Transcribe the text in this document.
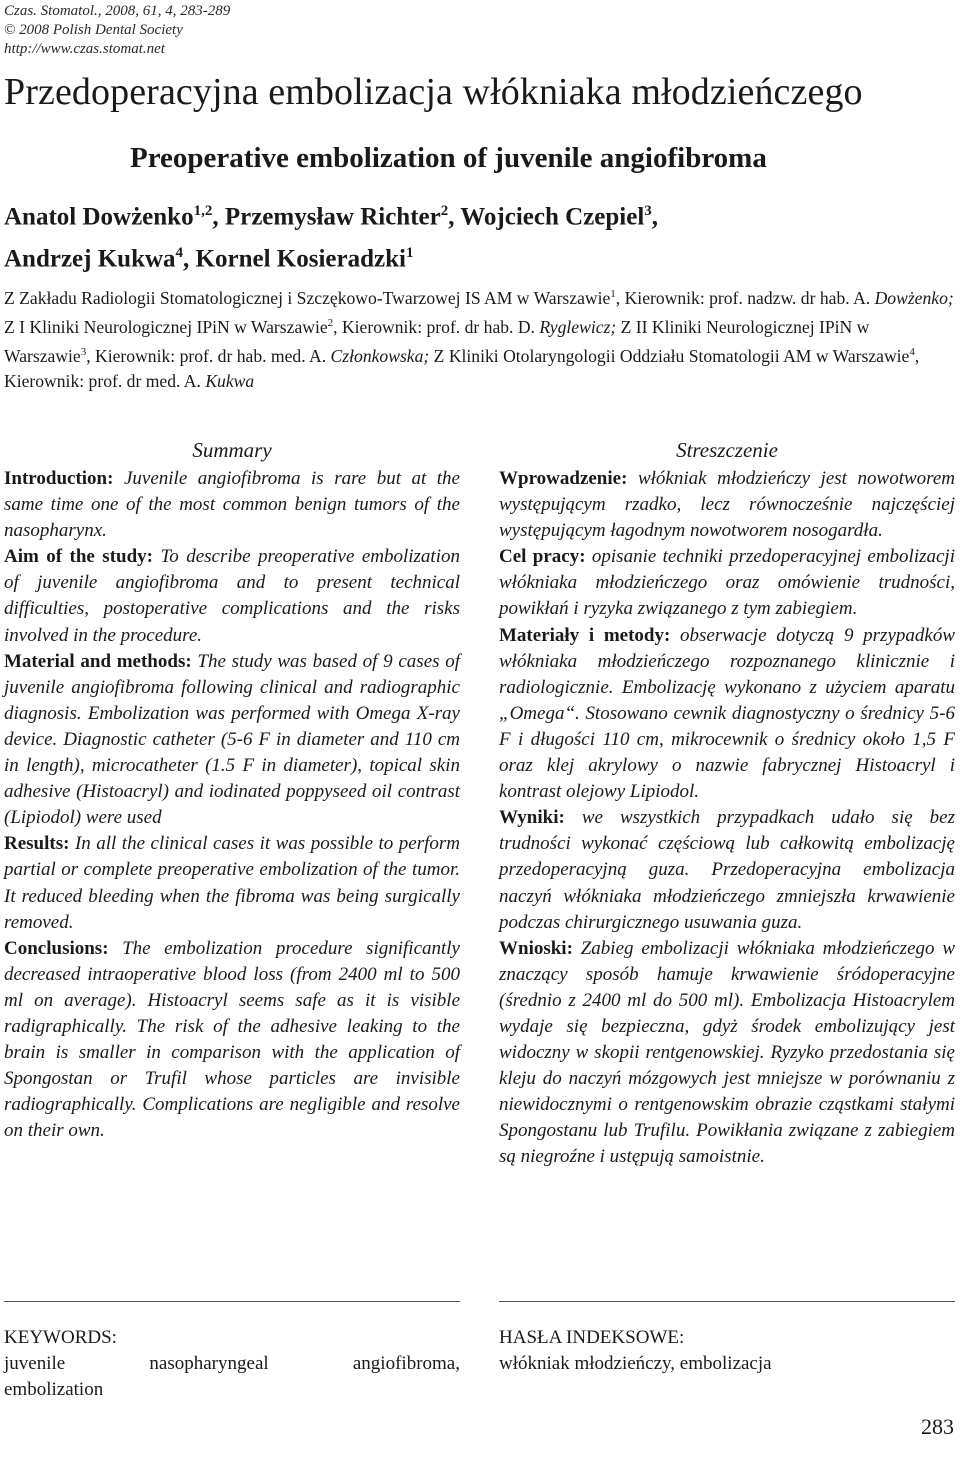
Czas. Stomatol., 2008, 61, 4, 283-289
© 2008 Polish Dental Society
http://www.czas.stomat.net
Przedoperacyjna embolizacja włókniaka młodzieńczego
Preoperative embolization of juvenile angiofibroma
Anatol Dowżenko$^{1,2}$, Przemysław Richter$^2$, Wojciech Czepiel$^3$,
Andrzej Kukwa$^4$, Kornel Kosieradzki$^1$
Z Zakładu Radiologii Stomatologicznej i Szczękowo-Twarzowej IS AM w Warszawie$^1$, Kierownik: prof. nadzw. dr hab. A. Dowżenko; Z I Kliniki Neurologicznej IPiN w Warszawie$^2$, Kierownik: prof. dr hab. D. Ryglewicz; Z II Kliniki Neurologicznej IPiN w Warszawie$^3$, Kierownik: prof. dr hab. med. A. Członkowska; Z Kliniki Otolaryngologii Oddziału Stomatologii AM w Warszawie$^4$, Kierownik: prof. dr med. A. Kukwa
Summary

Introduction: Juvenile angiofibroma is rare but at the same time one of the most common benign tumors of the nasopharynx.

Aim of the study: To describe preoperative embolization of juvenile angiofibroma and to present technical difficulties, postoperative complications and the risks involved in the procedure.

Material and methods: The study was based of 9 cases of juvenile angiofibroma following clinical and radiographic diagnosis. Embolization was performed with Omega X-ray device. Diagnostic catheter (5-6 F in diameter and 110 cm in length), microcatheter (1.5 F in diameter), topical skin adhesive (Histoacryl) and iodinated poppyseed oil contrast (Lipiodol) were used

Results: In all the clinical cases it was possible to perform partial or complete preoperative embolization of the tumor. It reduced bleeding when the fibroma was being surgically removed.

Conclusions: The embolization procedure significantly decreased intraoperative blood loss (from 2400 ml to 500 ml on average). Histoacryl seems safe as it is visible radigraphically. The risk of the adhesive leaking to the brain is smaller in comparison with the application of Spongostan or Trufil whose particles are invisible radiographically. Complications are negligible and resolve on their own.

Streszczenie

Wprowadzenie: włókniak młodzieńczy jest nowotworem występującym rzadko, lecz równocześnie najczęściej występującym łagodnym nowotworem nosogardła.

Cel pracy: opisanie techniki przedoperacyjnej embolizacji włókniaka młodzieńczego oraz omówienie trudności, powikłań i ryzyka związanego z tym zabiegiem.

Materiały i metody: obserwacje dotyczą 9 przypadków włókniaka młodzieńczego rozpoznanego klinicznie i radiologicznie. Embolizację wykonano z użyciem aparatu „Omega“. Stosowano cewnik diagnostyczny o średnicy 5-6 F i długości 110 cm, mikrocewnik o średnicy około 1,5 F oraz klej akrylowy o nazwie fabrycznej Histoacryl i kontrast olejowy Lipiodol.

Wyniki: we wszystkich przypadkach udało się bez trudności wykonać częściową lub całkowitą embolizację przedoperacyjną guza. Przedoperacyjna embolizacja naczyń włókniaka młodzieńczego zmniejszła krwawienie podczas chirurgicznego usuwania guza.

Wnioski: Zabieg embolizacji włókniaka młodzieńczego w znaczący sposób hamuje krwawienie śródoperacyjne (średnio z 2400 ml do 500 ml). Embolizacja Histoacrylem wydaje się bezpieczna, gdyż środek embolizujący jest widoczny w skopii rentgenowskiej. Ryzyko przedostania się kleju do naczyń mózgowych jest mniejsze w porównaniu z niewidocznymi o rentgenowskim obrazie cząstkami stałymi Spongostanu lub Trufilu. Powikłania związane z zabiegiem są niegroźne i ustępują samoistnie.

KEYWORDS:
juvenile	nasopharyngeal	angiofibroma,
embolization
HASŁA INDEKSOWE:
włókniak młodzieńczy, embolizacja
283
